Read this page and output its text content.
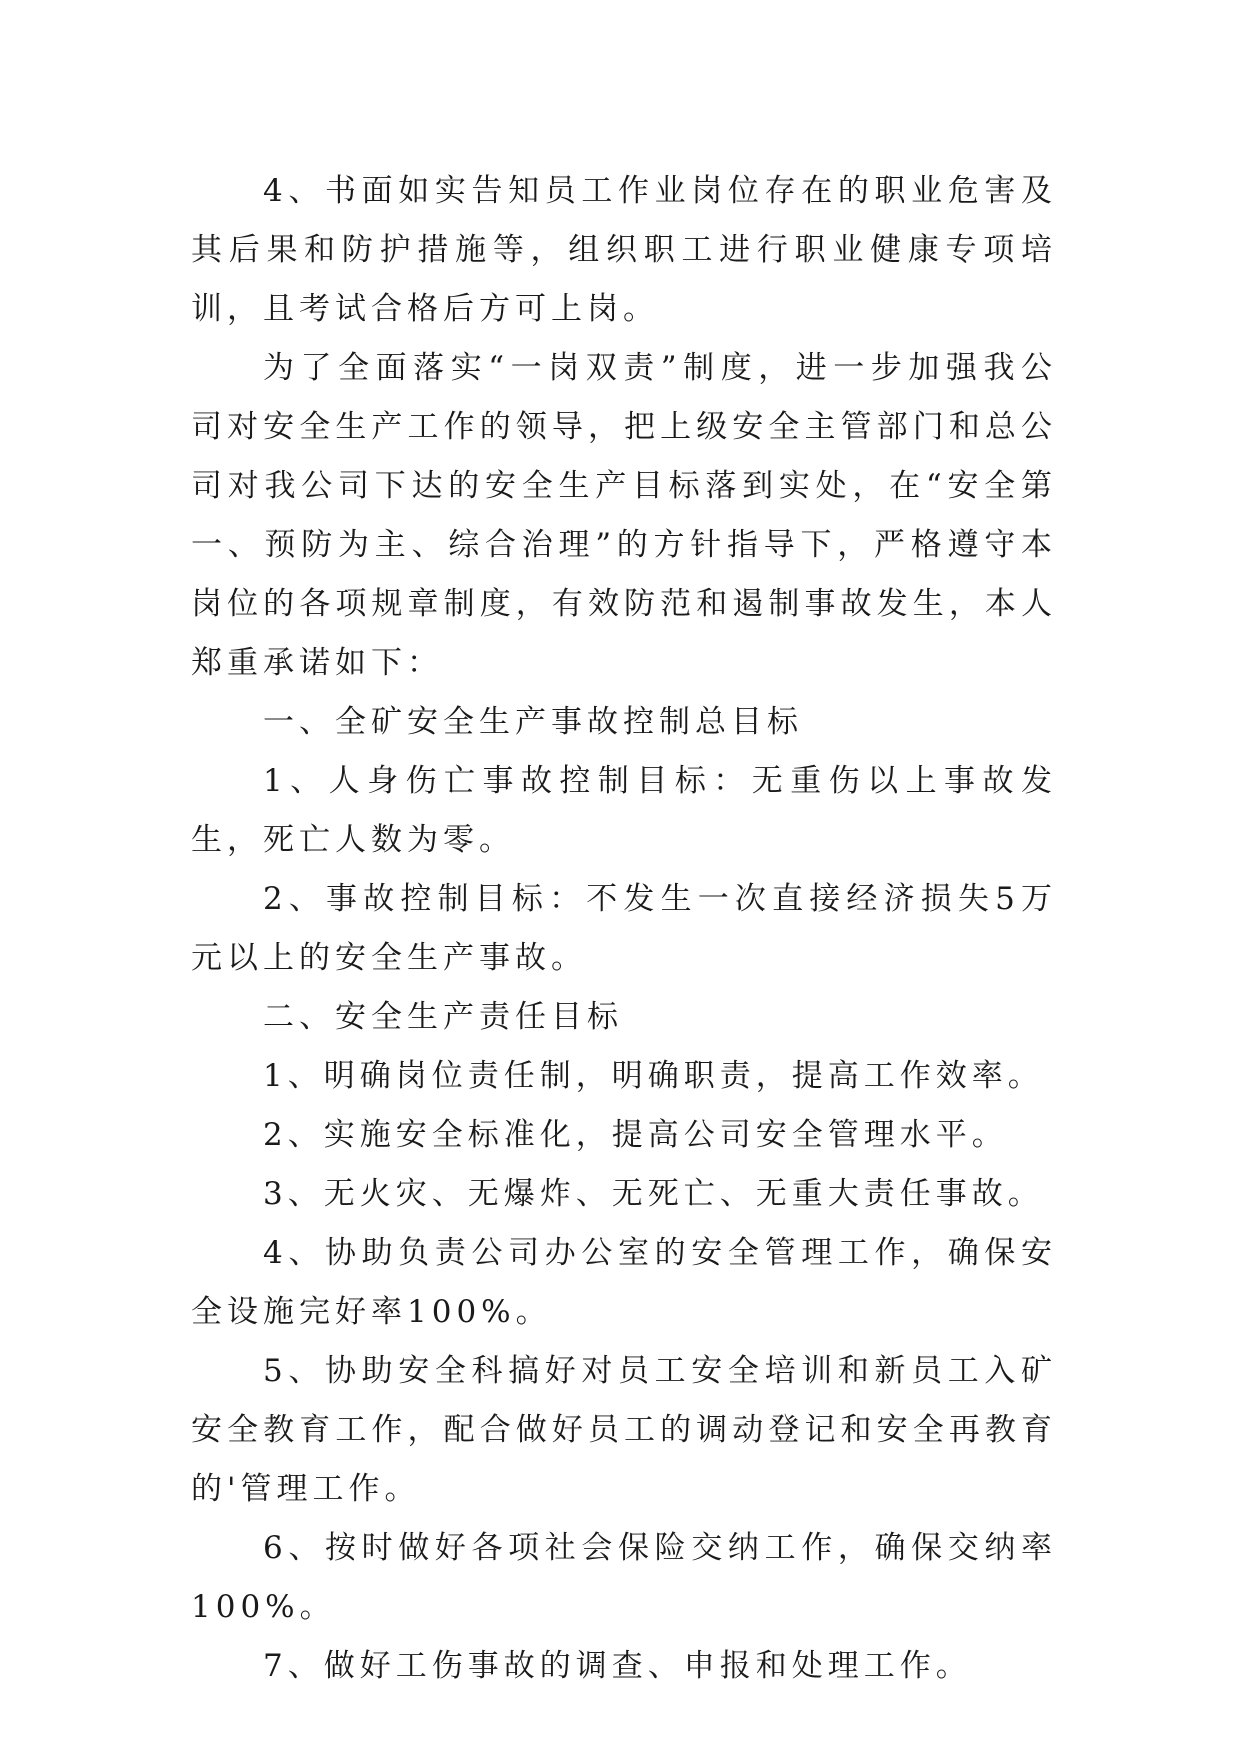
4、书面如实告知员工作业岗位存在的职业危害及其后果和防护措施等，组织职工进行职业健康专项培训，且考试合格后方可上岗。

为了全面落实“一岗双责”制度，进一步加强我公司对安全生产工作的领导，把上级安全主管部门和总公司对我公司下达的安全生产目标落到实处，在“安全第一、预防为主、综合治理”的方针指导下，严格遵守本岗位的各项规章制度，有效防范和遏制事故发生，本人郑重承诺如下：

一、全矿安全生产事故控制总目标

1、人身伤亡事故控制目标：无重伤以上事故发生，死亡人数为零。

2、事故控制目标：不发生一次直接经济损失5万元以上的安全生产事故。

二、安全生产责任目标

1、明确岗位责任制，明确职责，提高工作效率。

2、实施安全标准化，提高公司安全管理水平。

3、无火灾、无爆炸、无死亡、无重大责任事故。

4、协助负责公司办公室的安全管理工作，确保安全设施完好率100%。

5、协助安全科搞好对员工安全培训和新员工入矿安全教育工作，配合做好员工的调动登记和安全再教育的'管理工作。

6、按时做好各项社会保险交纳工作，确保交纳率100%。

7、做好工伤事故的调查、申报和处理工作。
